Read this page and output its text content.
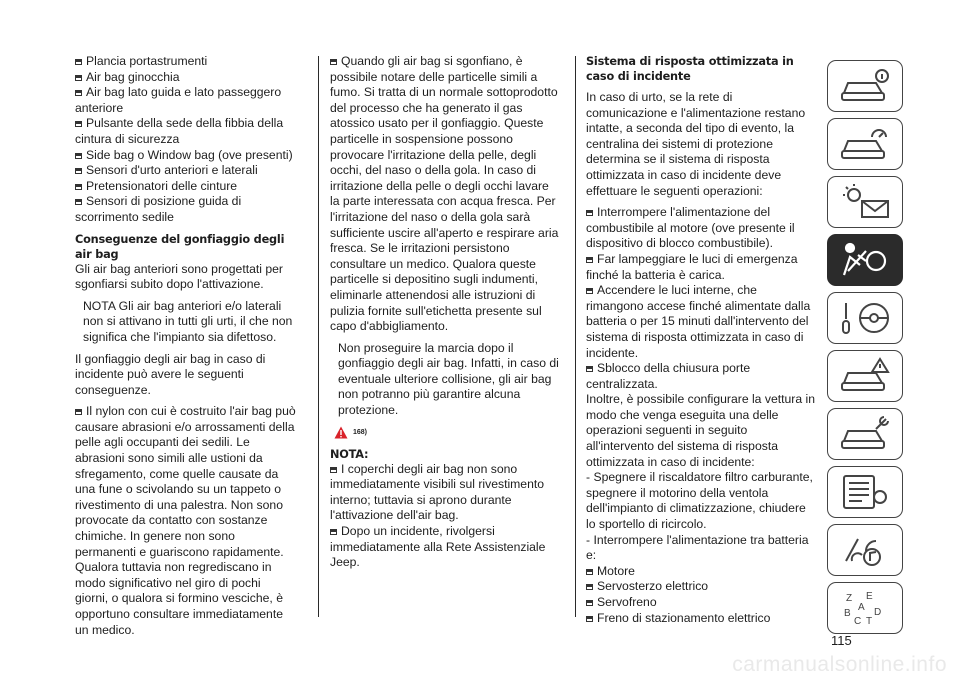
Plancia portastrumenti
Air bag ginocchia
Air bag lato guida e lato passeggero anteriore
Pulsante della sede della fibbia della cintura di sicurezza
Side bag o Window bag (ove presenti)
Sensori d'urto anteriori e laterali
Pretensionatori delle cinture
Sensori di posizione guida di scorrimento sedile

Conseguenze del gonfiaggio degli air bag

Gli air bag anteriori sono progettati per sgonfiarsi subito dopo l'attivazione.

NOTA Gli air bag anteriori e/o laterali non si attivano in tutti gli urti, il che non significa che l'impianto sia difettoso.

Il gonfiaggio degli air bag in caso di incidente può avere le seguenti conseguenze.

Il nylon con cui è costruito l'air bag può causare abrasioni e/o arrossamenti della pelle agli occupanti dei sedili. Le abrasioni sono simili alle ustioni da sfregamento, come quelle causate da una fune o scivolando su un tappeto o rivestimento di una palestra. Non sono provocate da contatto con sostanze chimiche. In genere non sono permanenti e guariscono rapidamente. Qualora tuttavia non regrediscano in modo significativo nel giro di pochi giorni, o qualora si formino vesciche, è opportuno consultare immediatamente un medico.
Quando gli air bag si sgonfiano, è possibile notare delle particelle simili a fumo. Si tratta di un normale sottoprodotto del processo che ha generato il gas atossico usato per il gonfiaggio. Queste particelle in sospensione possono provocare l'irritazione della pelle, degli occhi, del naso o della gola. In caso di irritazione della pelle o degli occhi lavare la parte interessata con acqua fresca. Per l'irritazione del naso o della gola sarà sufficiente uscire all'aperto e respirare aria fresca. Se le irritazioni persistono consultare un medico. Qualora queste particelle si depositino sugli indumenti, eliminarle attenendosi alle istruzioni di pulizia fornite sull'etichetta presente sul capo d'abbigliamento.

Non proseguire la marcia dopo il gonfiaggio degli air bag. Infatti, in caso di eventuale ulteriore collisione, gli air bag non potranno più garantire alcuna protezione.

168)

NOTA:

I coperchi degli air bag non sono immediatamente visibili sul rivestimento interno; tuttavia si aprono durante l'attivazione dell'air bag.
Dopo un incidente, rivolgersi immediatamente alla Rete Assistenziale Jeep.

Sistema di risposta ottimizzata in caso di incidente

In caso di urto, se la rete di comunicazione e l'alimentazione restano intatte, a seconda del tipo di evento, la centralina dei sistemi di protezione determina se il sistema di risposta ottimizzata in caso di incidente deve effettuare le seguenti operazioni:

Interrompere l'alimentazione del combustibile al motore (ove presente il dispositivo di blocco combustibile).
Far lampeggiare le luci di emergenza finché la batteria è carica.
Accendere le luci interne, che rimangono accese finché alimentate dalla batteria o per 15 minuti dall'intervento del sistema di risposta ottimizzata in caso di incidente.
Sblocco della chiusura porte centralizzata.

Inoltre, è possibile configurare la vettura in modo che venga eseguita una delle operazioni seguenti in seguito all'intervento del sistema di risposta ottimizzata in caso di incidente:

- Spegnere il riscaldatore filtro carburante, spegnere il motorino della ventola dell'impianto di climatizzazione, chiudere lo sportello di ricircolo.

- Interrompere l'alimentazione tra batteria e:

Motore
Servosterzo elettrico
Servofreno
Freno di stazionamento elettrico
Z E
A
B
C
D
T
115
carmanualsonline.info
